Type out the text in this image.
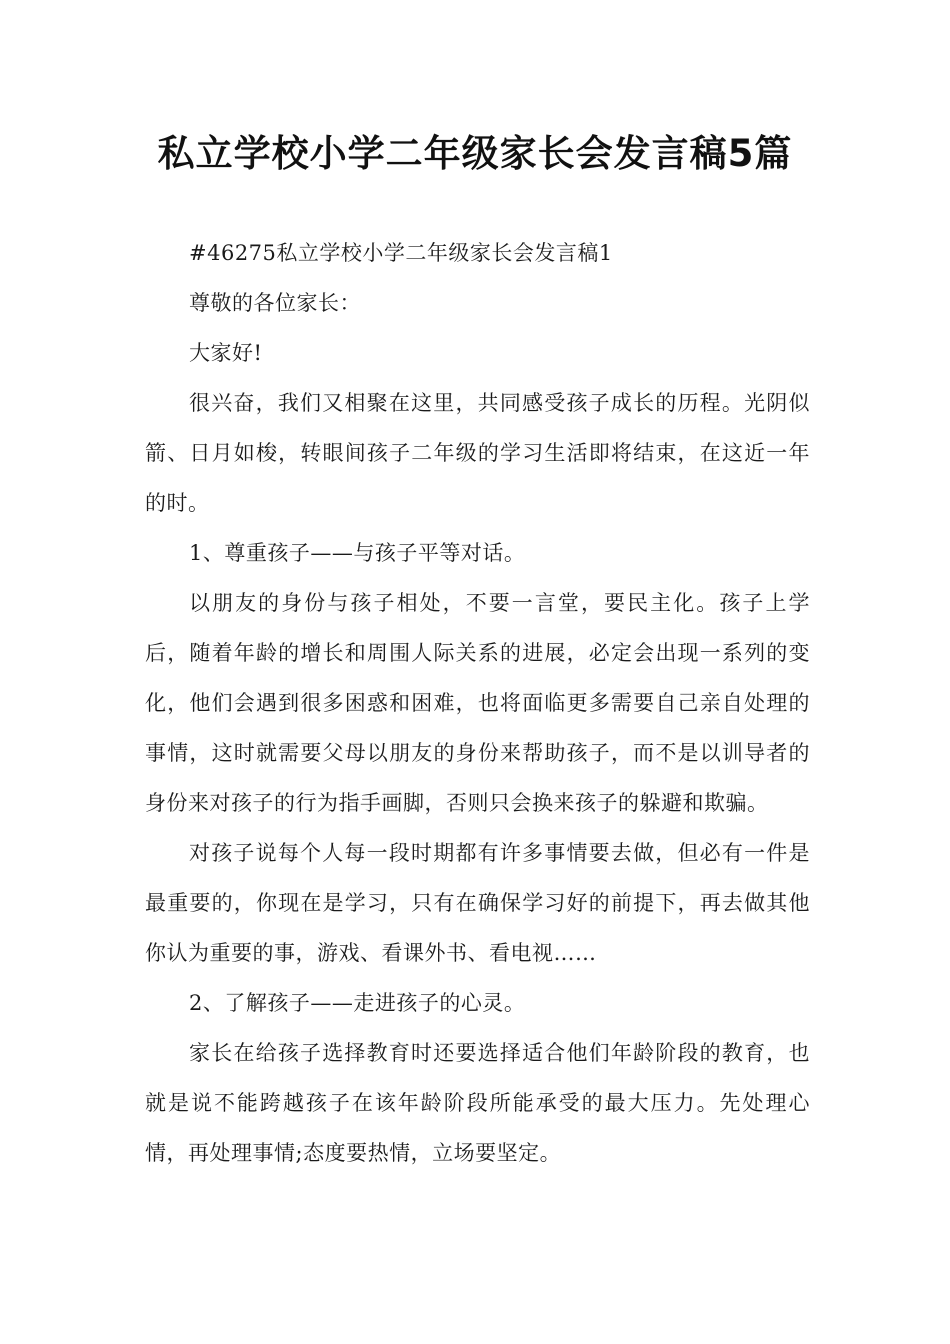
私立学校小学二年级家长会发言稿5篇

#46275私立学校小学二年级家长会发言稿1

尊敬的各位家长：

大家好!

很兴奋，我们又相聚在这里，共同感受孩子成长的历程。光阴似箭、日月如梭，转眼间孩子二年级的学习生活即将结束，在这近一年的时。

1、尊重孩子——与孩子平等对话。

以朋友的身份与孩子相处，不要一言堂，要民主化。孩子上学后，随着年龄的增长和周围人际关系的进展，必定会出现一系列的变化，他们会遇到很多困惑和困难，也将面临更多需要自己亲自处理的事情，这时就需要父母以朋友的身份来帮助孩子，而不是以训导者的身份来对孩子的行为指手画脚，否则只会换来孩子的躲避和欺骗。

对孩子说每个人每一段时期都有许多事情要去做，但必有一件是最重要的，你现在是学习，只有在确保学习好的前提下，再去做其他你认为重要的事，游戏、看课外书、看电视……

2、了解孩子——走进孩子的心灵。

家长在给孩子选择教育时还要选择适合他们年龄阶段的教育，也就是说不能跨越孩子在该年龄阶段所能承受的最大压力。先处理心情，再处理事情;态度要热情，立场要坚定。
